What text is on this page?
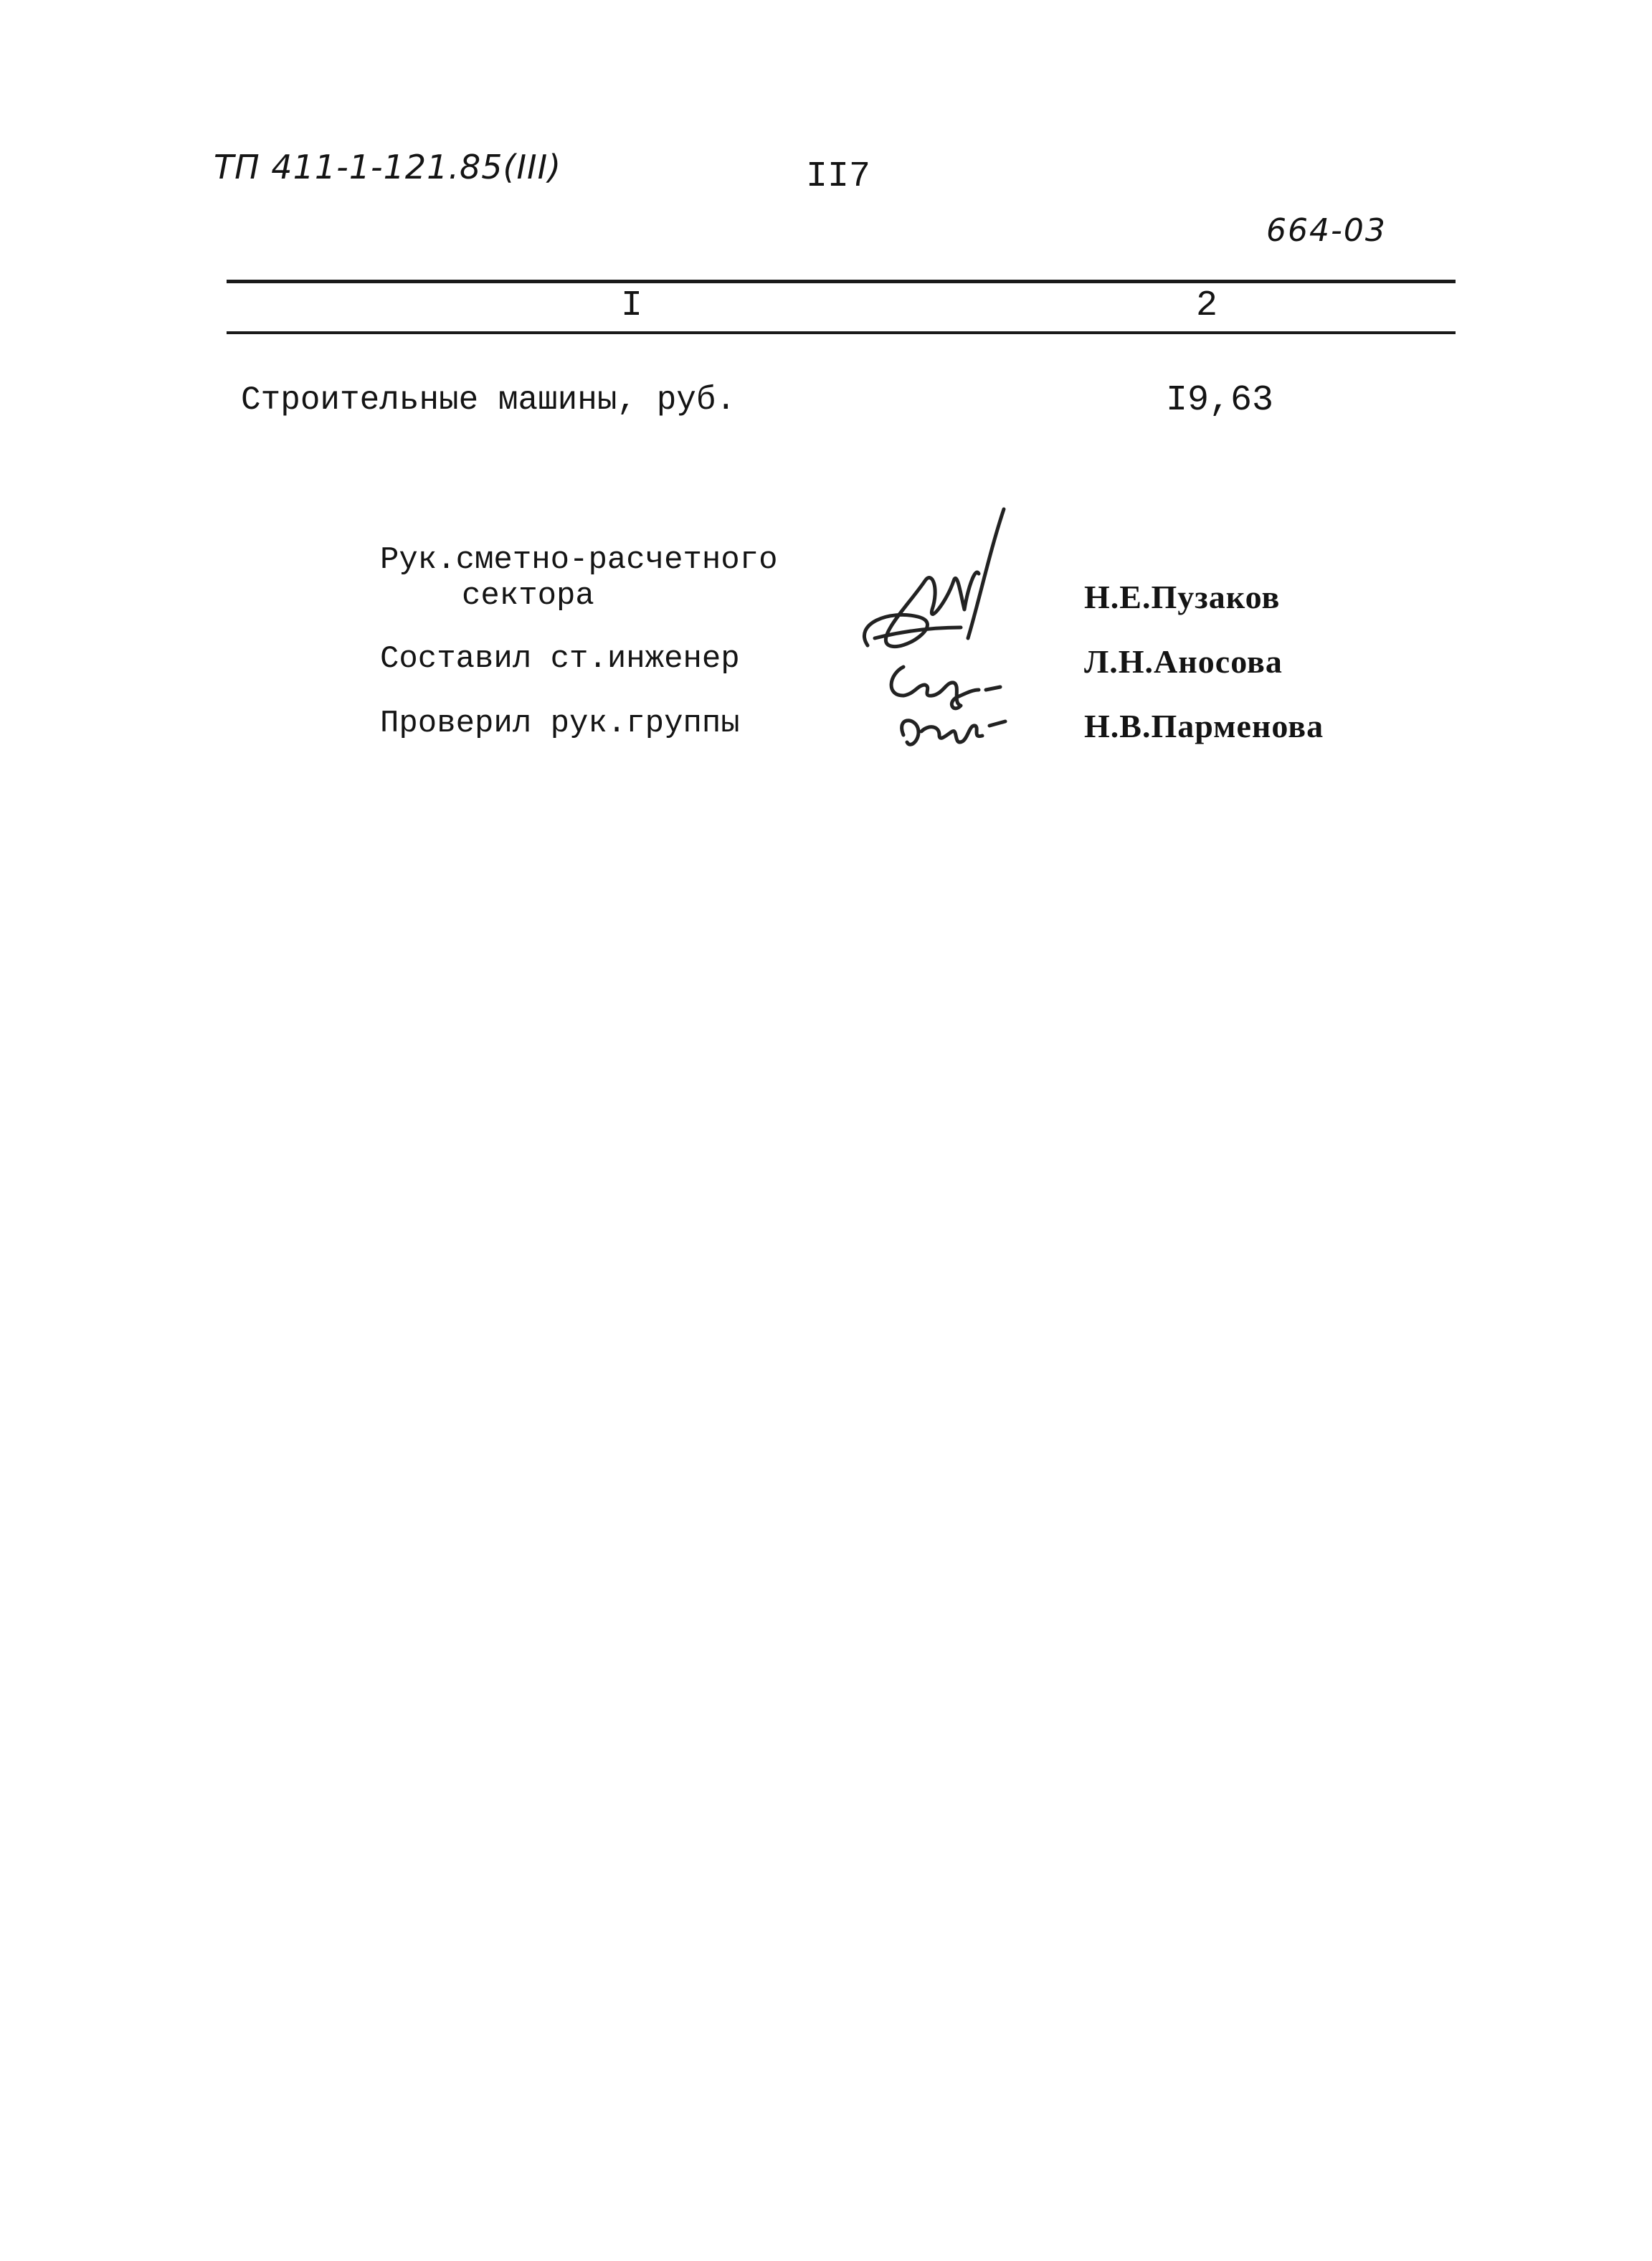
ТП 411-1-121.85(III)	II7
664-03
I	2
Строительные машины, руб.	I9,63
Рук.сметно-расчетного
сектора	Н.Е.Пузаков
Составил ст.инженер	Л.Н.Аносова
Проверил рук.группы	Н.В.Пармeнова
